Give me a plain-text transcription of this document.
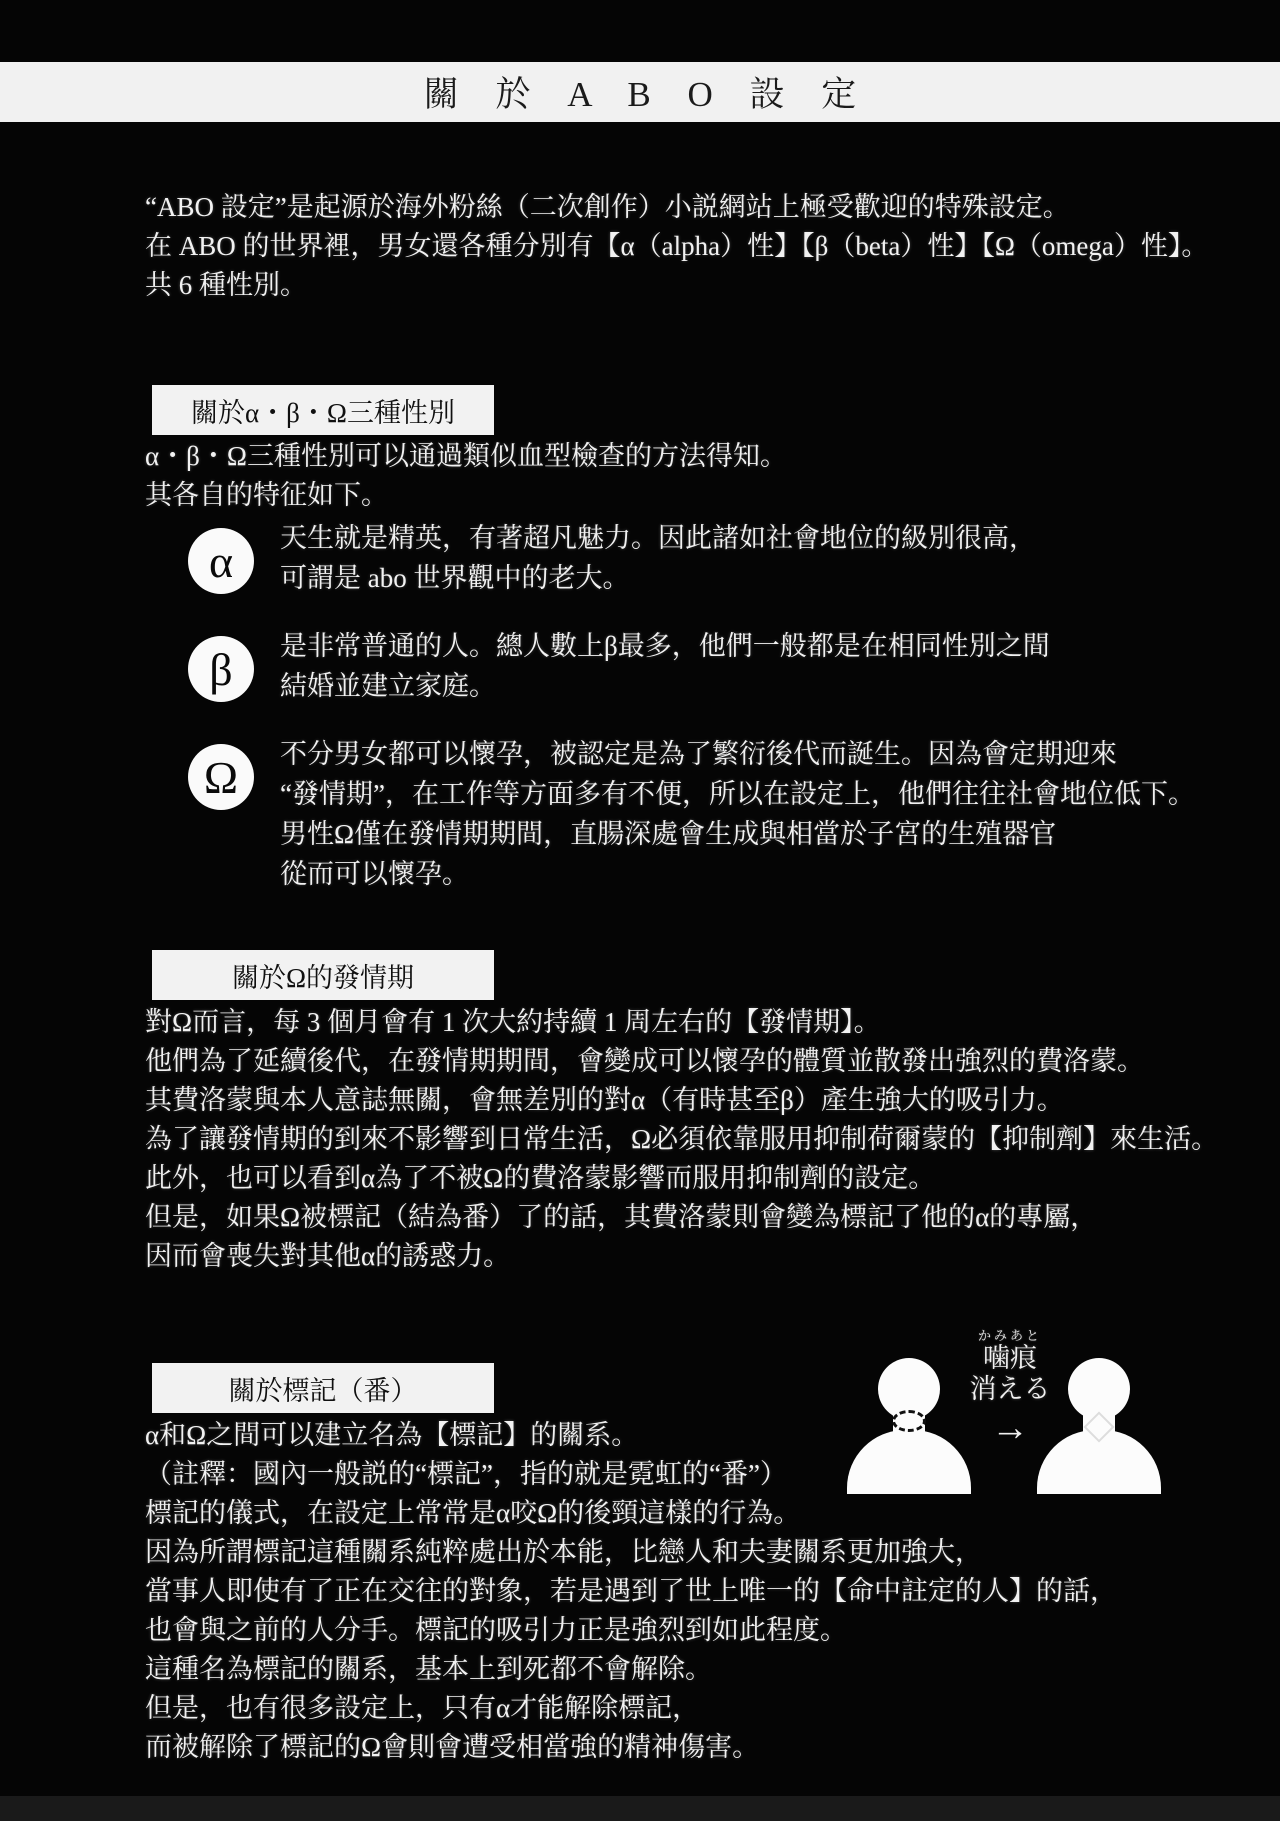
關 於 A B O 設 定
“ABO 設定”是起源於海外粉絲（二次創作）小説網站上極受歡迎的特殊設定。
在 ABO 的世界裡，男女還各種分別有【α（alpha）性】【β（beta）性】【Ω（omega）性】。
共 6 種性別。
關於α・β・Ω三種性別
α・β・Ω三種性別可以通過類似血型檢查的方法得知。
其各自的特征如下。
α	天生就是精英，有著超凡魅力。因此諸如社會地位的級別很高，
可謂是 abo 世界觀中的老大。
β	是非常普通的人。總人數上β最多，他們一般都是在相同性別之間
結婚並建立家庭。
Ω	不分男女都可以懷孕，被認定是為了繁衍後代而誕生。因為會定期迎來
“發情期”，在工作等方面多有不便，所以在設定上，他們往往社會地位低下。
男性Ω僅在發情期期間，直腸深處會生成與相當於子宮的生殖器官
從而可以懷孕。
關於Ω的發情期
對Ω而言，每 3 個月會有 1 次大約持續 1 周左右的【發情期】。
他們為了延續後代，在發情期期間，會變成可以懷孕的體質並散發出強烈的費洛蒙。
其費洛蒙與本人意誌無關，會無差別的對α（有時甚至β）產生強大的吸引力。
為了讓發情期的到來不影響到日常生活，Ω必須依靠服用抑制荷爾蒙的【抑制劑】來生活。
此外，也可以看到α為了不被Ω的費洛蒙影響而服用抑制劑的設定。
但是，如果Ω被標記（結為番）了的話，其費洛蒙則會變為標記了他的α的專屬，
因而會喪失對其他α的誘惑力。
關於標記（番）
α和Ω之間可以建立名為【標記】的關系。
（註釋：國內一般説的“標記”，指的就是霓虹的“番”）
標記的儀式，在設定上常常是α咬Ω的後頸這樣的行為。
因為所謂標記這種關系純粹處出於本能，比戀人和夫妻關系更加強大，
當事人即使有了正在交往的對象，若是遇到了世上唯一的【命中註定的人】的話，
也會與之前的人分手。標記的吸引力正是強烈到如此程度。
這種名為標記的關系，基本上到死都不會解除。
但是，也有很多設定上，只有α才能解除標記，
而被解除了標記的Ω會則會遭受相當強的精神傷害。
かみあと
噛痕
消える
→
